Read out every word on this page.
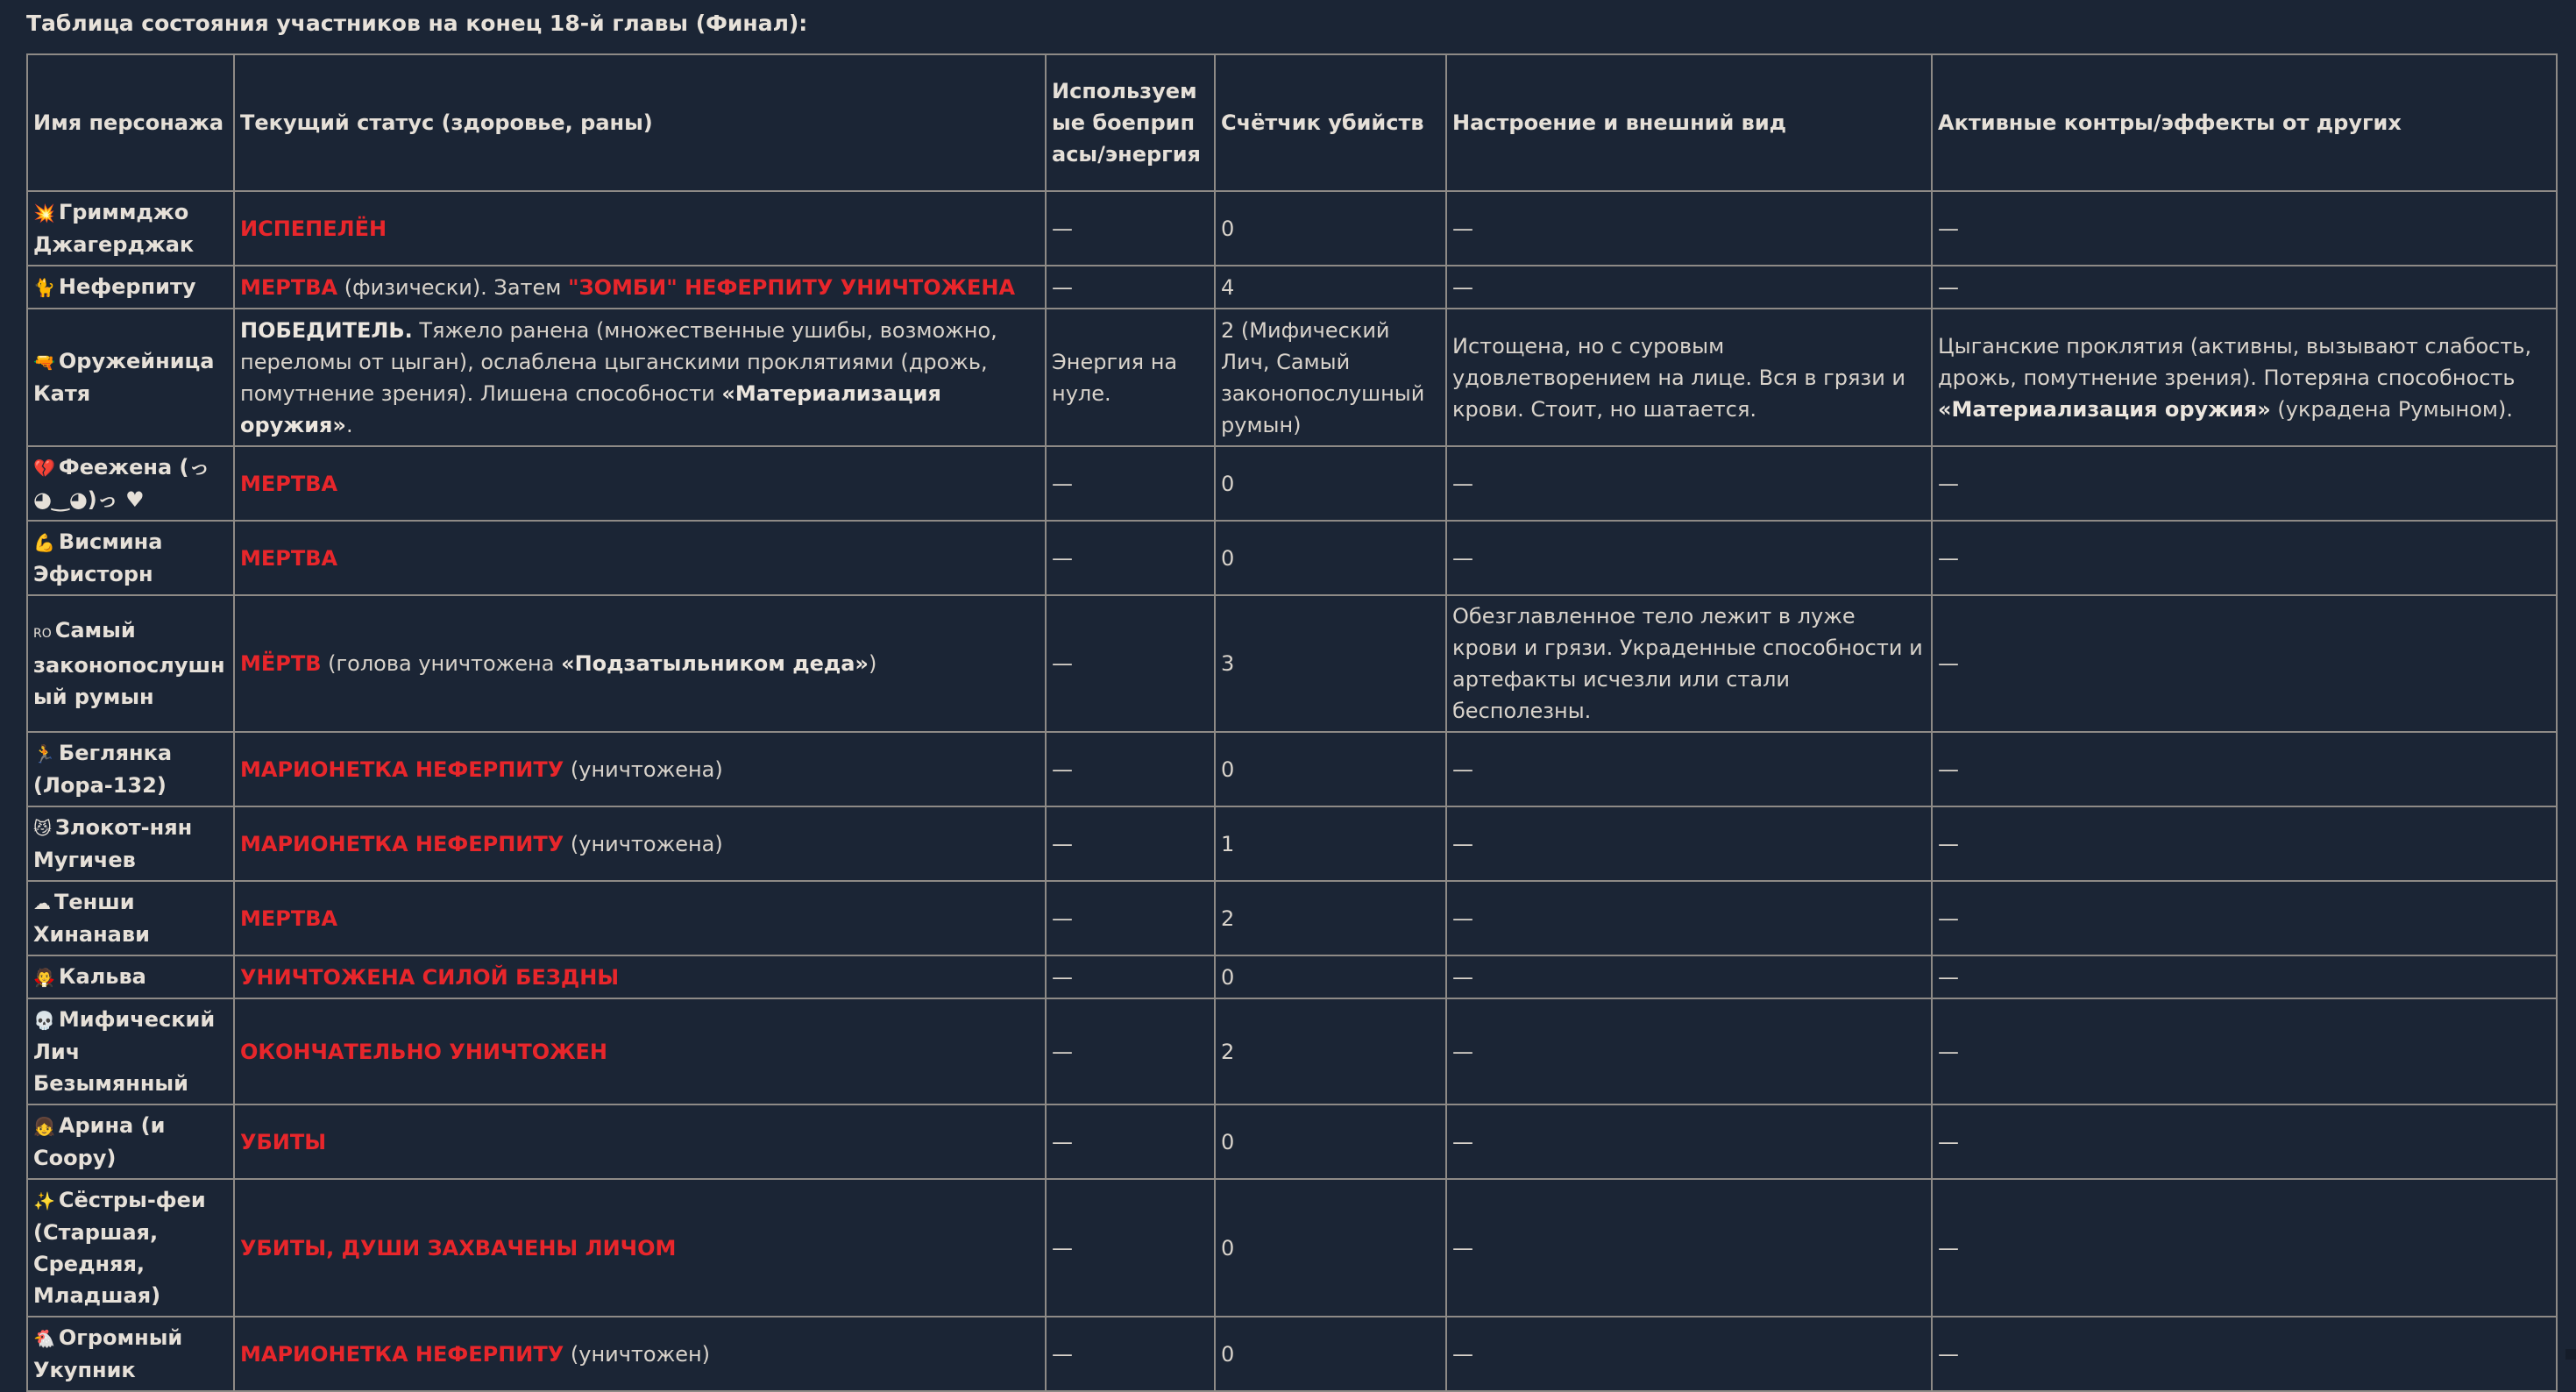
Таблица состояния участников на конец 18-й главы (Финал):
Имя персонажа	Текущий статус (здоровье, раны)	Используемые боеприпасы/энергия	Счётчик убийств	Настроение и внешний вид	Активные контры/эффекты от других
💥 Гриммджо Джагерджак	ИСПЕПЕЛЁН	—	0	—	—
🐈 Неферпиту	МЕРТВА (физически). Затем "ЗОМБИ" НЕФЕРПИТУ УНИЧТОЖЕНА	—	4	—	—
🔫 Оружейница Катя	ПОБЕДИТЕЛЬ. Тяжело ранена (множественные ушибы, возможно, переломы от цыган), ослаблена цыганскими проклятиями (дрожь, помутнение зрения). Лишена способности «Материализация оружия».	Энергия на нуле.	2 (Мифический Лич, Самый законопослушный румын)	Истощена, но с суровым удовлетворением на лице. Вся в грязи и крови. Стоит, но шатается.	Цыганские проклятия (активны, вызывают слабость, дрожь, помутнение зрения). Потеряна способность «Материализация оружия» (украдена Румыном).
💔 Феежена (っ◕‿◕)っ ♥	МЕРТВА	—	0	—	—
💪 Висмина Эфисторн	МЕРТВА	—	0	—	—
RO Самый законопослушный румын	МЁРТВ (голова уничтожена «Подзатыльником деда»)	—	3	Обезглавленное тело лежит в луже крови и грязи. Украденные способности и артефакты исчезли или стали бесполезны.	—
🏃 Беглянка (Лора-132)	МАРИОНЕТКА НЕФЕРПИТУ (уничтожена)	—	0	—	—
😼 Злокот-нян Мугичев	МАРИОНЕТКА НЕФЕРПИТУ (уничтожена)	—	1	—	—
☁ Тенши Хинанави	МЕРТВА	—	2	—	—
🧛 Кальва	УНИЧТОЖЕНА СИЛОЙ БЕЗДНЫ	—	0	—	—
💀 Мифический Лич Безымянный	ОКОНЧАТЕЛЬНО УНИЧТОЖЕН	—	2	—	—
👧 Арина (и Соору)	УБИТЫ	—	0	—	—
✨ Сёстры-феи (Старшая, Средняя, Младшая)	УБИТЫ, ДУШИ ЗАХВАЧЕНЫ ЛИЧОМ	—	0	—	—
🐔 Огромный Укупник	МАРИОНЕТКА НЕФЕРПИТУ (уничтожен)	—	0	—	—
